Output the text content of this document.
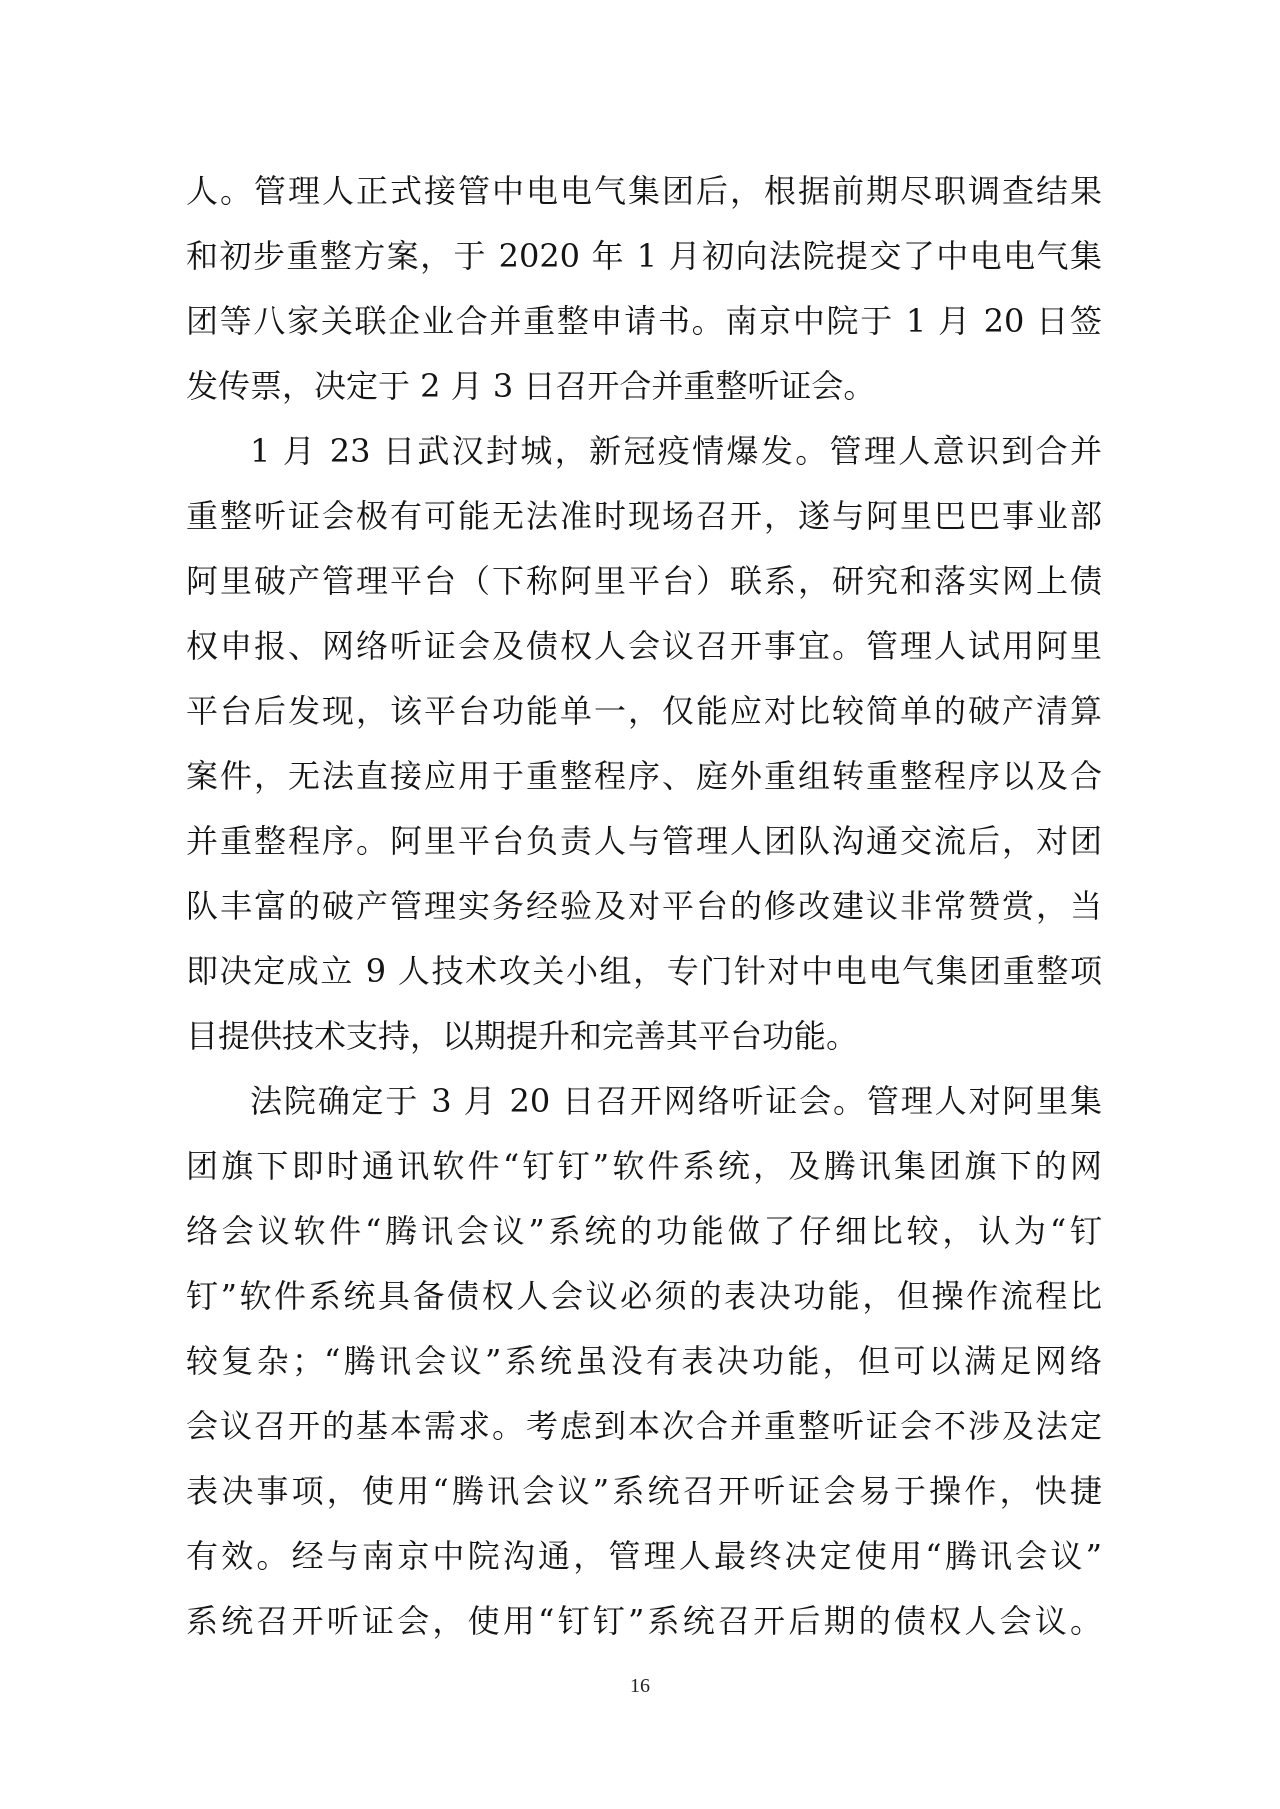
人。管理人正式接管中电电气集团后，根据前期尽职调查结果
和初步重整方案，于 2020 年 1 月初向法院提交了中电电气集
团等八家关联企业合并重整申请书。南京中院于 1 月 20 日签
发传票，决定于 2 月 3 日召开合并重整听证会。
1 月 23 日武汉封城，新冠疫情爆发。管理人意识到合并
重整听证会极有可能无法准时现场召开，遂与阿里巴巴事业部
阿里破产管理平台（下称阿里平台）联系，研究和落实网上债
权申报、网络听证会及债权人会议召开事宜。管理人试用阿里
平台后发现，该平台功能单一，仅能应对比较简单的破产清算
案件，无法直接应用于重整程序、庭外重组转重整程序以及合
并重整程序。阿里平台负责人与管理人团队沟通交流后，对团
队丰富的破产管理实务经验及对平台的修改建议非常赞赏，当
即决定成立 9 人技术攻关小组，专门针对中电电气集团重整项
目提供技术支持，以期提升和完善其平台功能。
法院确定于 3 月 20 日召开网络听证会。管理人对阿里集
团旗下即时通讯软件“钉钉”软件系统，及腾讯集团旗下的网
络会议软件“腾讯会议”系统的功能做了仔细比较，认为“钉
钉”软件系统具备债权人会议必须的表决功能，但操作流程比
较复杂；“腾讯会议”系统虽没有表决功能，但可以满足网络
会议召开的基本需求。考虑到本次合并重整听证会不涉及法定
表决事项，使用“腾讯会议”系统召开听证会易于操作，快捷
有效。经与南京中院沟通，管理人最终决定使用“腾讯会议”
系统召开听证会，使用“钉钉”系统召开后期的债权人会议。
16
